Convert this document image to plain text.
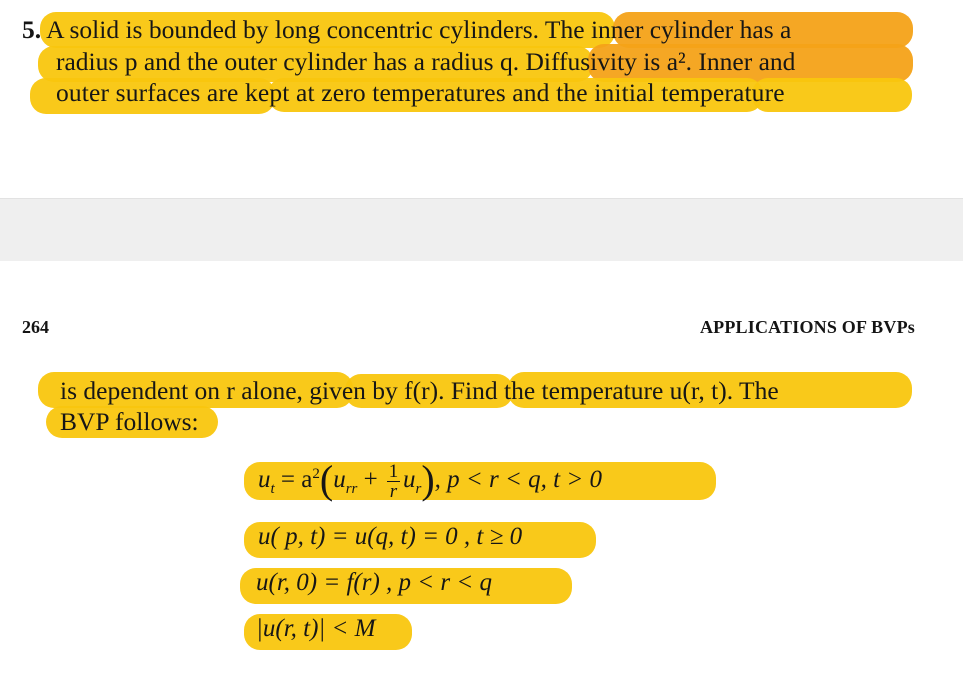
5. A solid is bounded by long concentric cylinders. The inner cylinder has a
radius p and the outer cylinder has a radius q. Diffusivity is a². Inner and
outer surfaces are kept at zero temperatures and the initial temperature
264	APPLICATIONS OF BVPs
is dependent on r alone, given by f(r). Find the temperature u(r, t). The
BVP follows:
$u_t = a^2(u_{rr} + \frac{1}{r} u_r)$, p < r < q, t > 0
u( p, t) = u(q, t) = 0 , t ≥ 0
u(r, 0) = f(r) , p < r < q
|u(r, t)| < M
